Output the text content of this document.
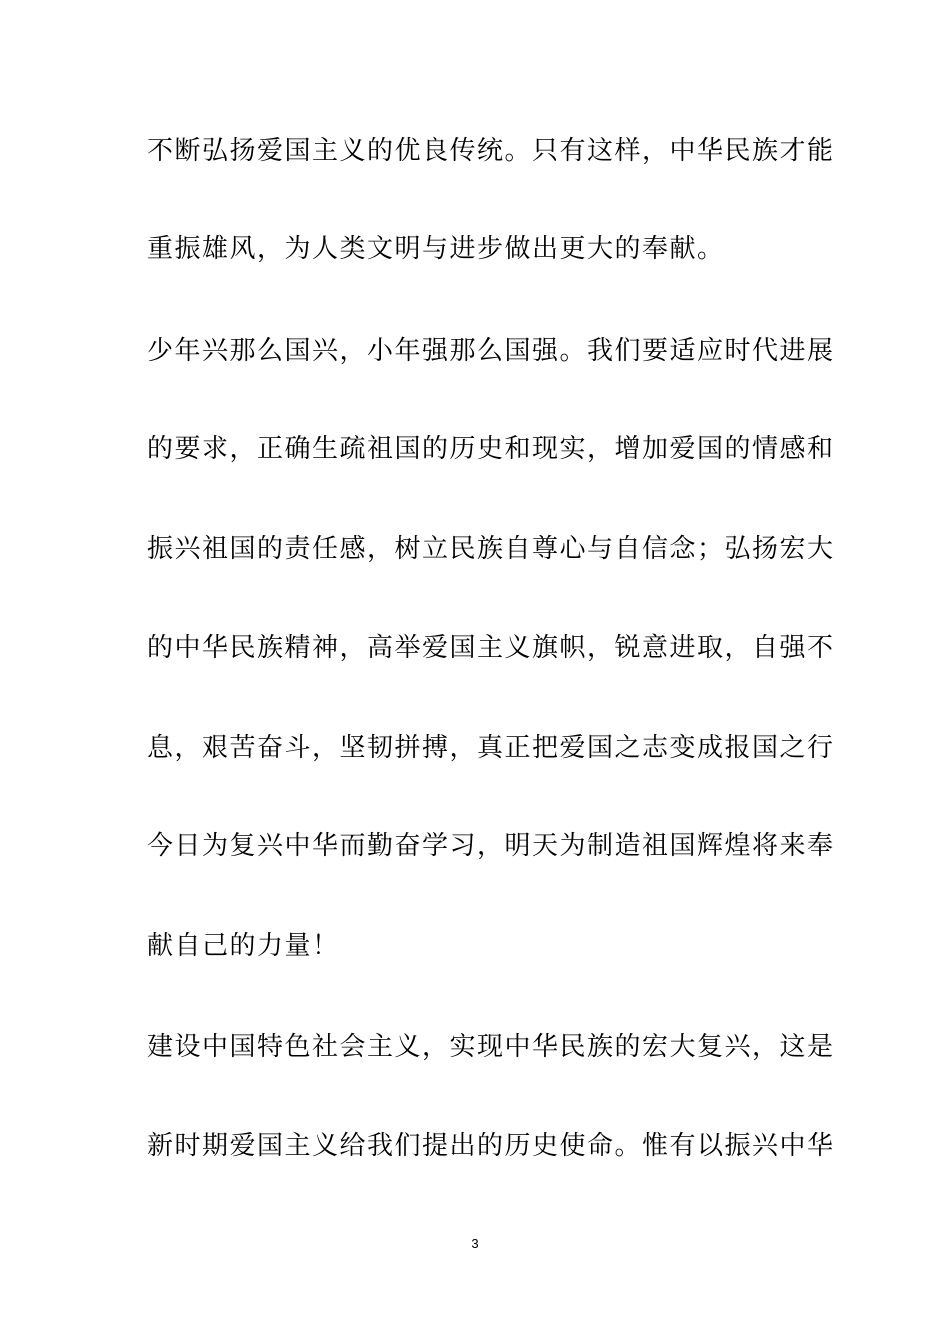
不断弘扬爱国主义的优良传统。只有这样，中华民族才能
重振雄风，为人类文明与进步做出更大的奉献。
少年兴那么国兴，小年强那么国强。我们要适应时代进展
的要求，正确生疏祖国的历史和现实，增加爱国的情感和
振兴祖国的责任感，树立民族自尊心与自信念；弘扬宏大
的中华民族精神，高举爱国主义旗帜，锐意进取，自强不
息，艰苦奋斗，坚韧拼搏，真正把爱国之志变成报国之行
今日为复兴中华而勤奋学习，明天为制造祖国辉煌将来奉
献自己的力量！
建设中国特色社会主义，实现中华民族的宏大复兴，这是
新时期爱国主义给我们提出的历史使命。惟有以振兴中华
3
